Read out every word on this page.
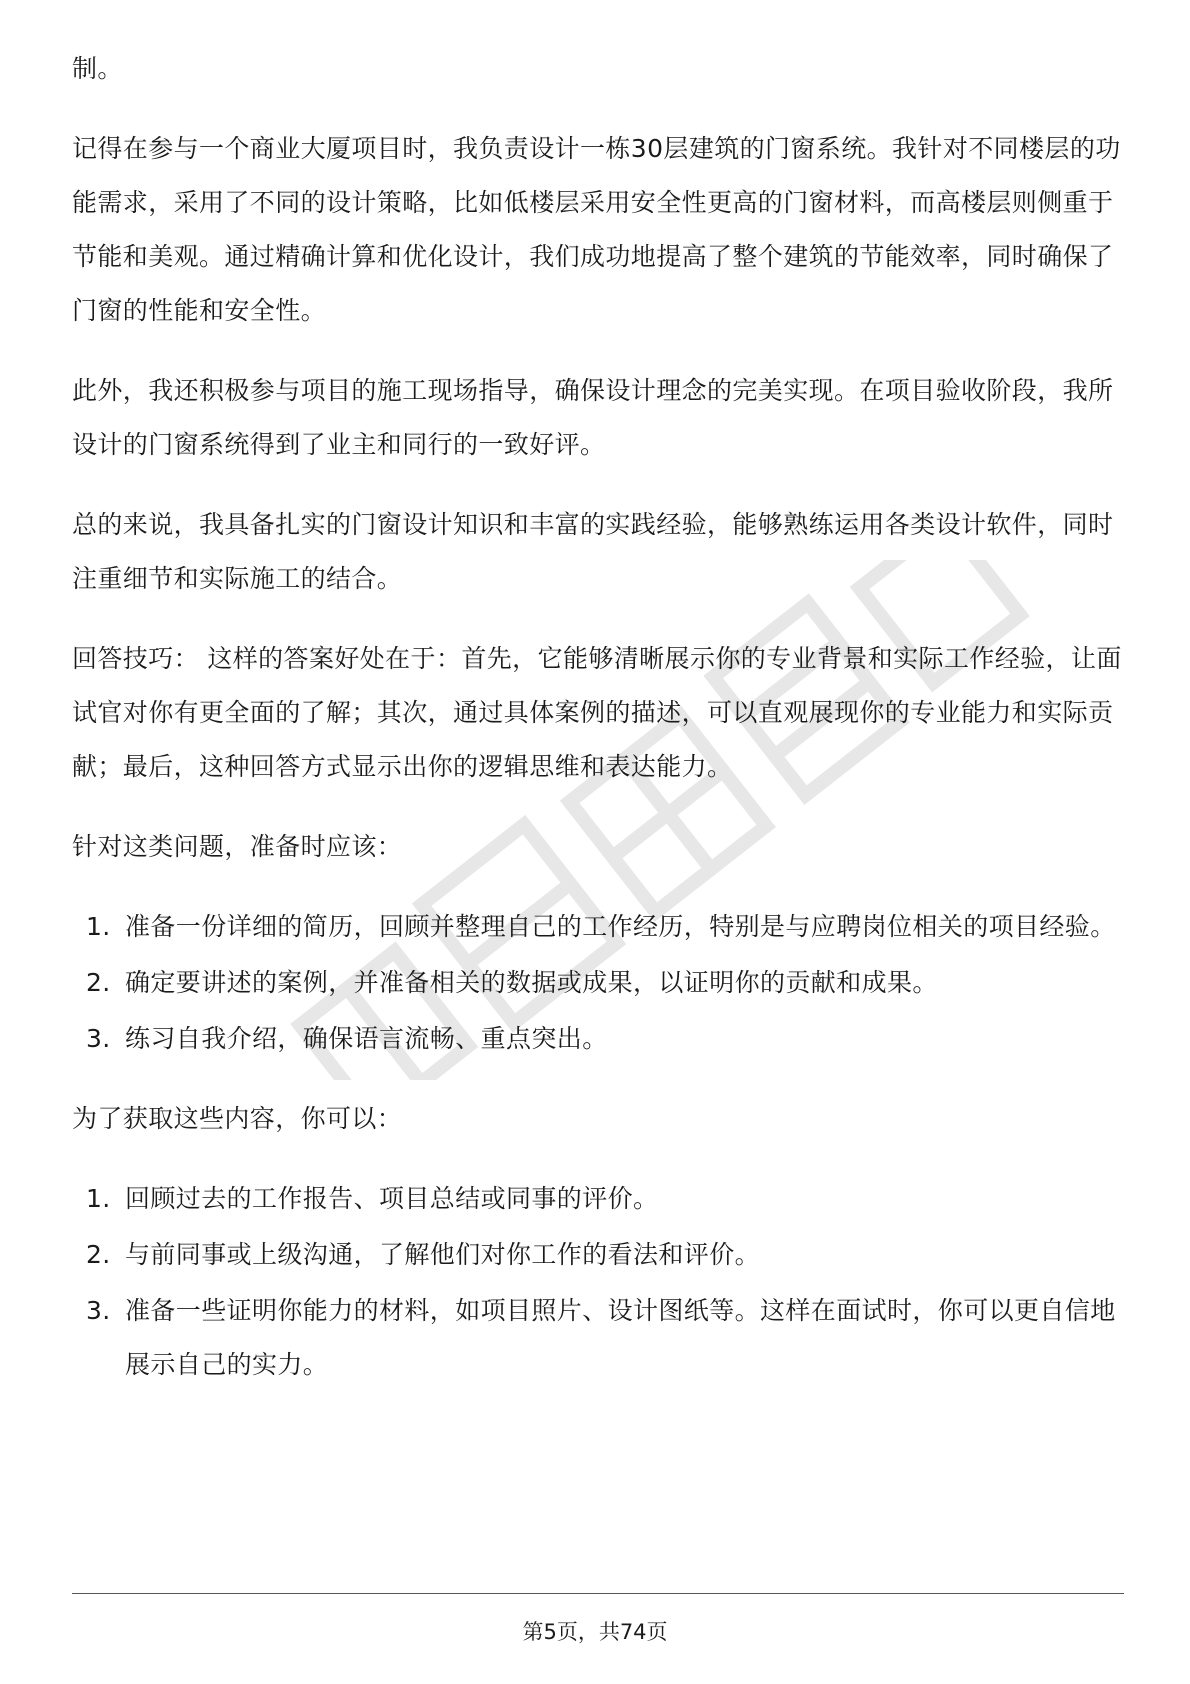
制。

记得在参与一个商业大厦项目时，我负责设计一栋30层建筑的门窗系统。我针对不同楼层的功能需求，采用了不同的设计策略，比如低楼层采用安全性更高的门窗材料，而高楼层则侧重于节能和美观。通过精确计算和优化设计，我们成功地提高了整个建筑的节能效率，同时确保了门窗的性能和安全性。

此外，我还积极参与项目的施工现场指导，确保设计理念的完美实现。在项目验收阶段，我所设计的门窗系统得到了业主和同行的一致好评。

总的来说，我具备扎实的门窗设计知识和丰富的实践经验，能够熟练运用各类设计软件，同时注重细节和实际施工的结合。

回答技巧： 这样的答案好处在于：首先，它能够清晰展示你的专业背景和实际工作经验，让面试官对你有更全面的了解；其次，通过具体案例的描述，可以直观展现你的专业能力和实际贡献；最后，这种回答方式显示出你的逻辑思维和表达能力。

针对这类问题，准备时应该：

1. 准备一份详细的简历，回顾并整理自己的工作经历，特别是与应聘岗位相关的项目经验。
2. 确定要讲述的案例，并准备相关的数据或成果，以证明你的贡献和成果。
3. 练习自我介绍，确保语言流畅、重点突出。

为了获取这些内容，你可以：

1. 回顾过去的工作报告、项目总结或同事的评价。
2. 与前同事或上级沟通，了解他们对你工作的看法和评价。
3. 准备一些证明你能力的材料，如项目照片、设计图纸等。这样在面试时，你可以更自信地展示自己的实力。
第5页，共74页
